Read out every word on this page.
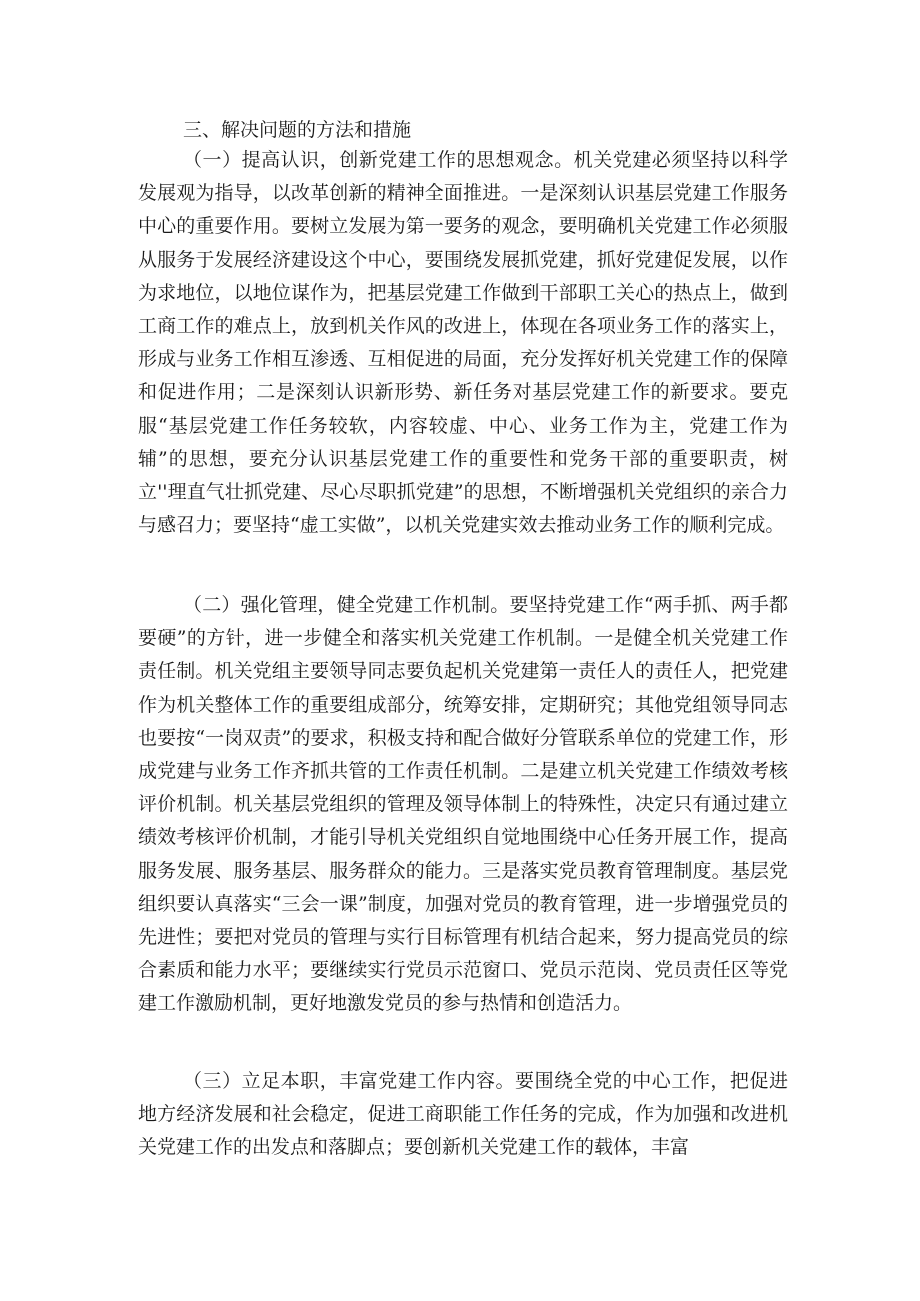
三、解决问题的方法和措施

（一）提高认识，创新党建工作的思想观念。机关党建必须坚持以科学发展观为指导，以改革创新的精神全面推进。一是深刻认识基层党建工作服务中心的重要作用。要树立发展为第一要务的观念，要明确机关党建工作必须服从服务于发展经济建设这个中心，要围绕发展抓党建，抓好党建促发展，以作为求地位，以地位谋作为，把基层党建工作做到干部职工关心的热点上，做到工商工作的难点上，放到机关作风的改进上，体现在各项业务工作的落实上，形成与业务工作相互渗透、互相促进的局面，充分发挥好机关党建工作的保障和促进作用；二是深刻认识新形势、新任务对基层党建工作的新要求。要克服“基层党建工作任务较软，内容较虚、中心、业务工作为主，党建工作为辅”的思想，要充分认识基层党建工作的重要性和党务干部的重要职责，树立''理直气壮抓党建、尽心尽职抓党建”的思想，不断增强机关党组织的亲合力与感召力；要坚持“虚工实做”，以机关党建实效去推动业务工作的顺利完成。

（二）强化管理，健全党建工作机制。要坚持党建工作“两手抓、两手都要硬”的方针，进一步健全和落实机关党建工作机制。一是健全机关党建工作责任制。机关党组主要领导同志要负起机关党建第一责任人的责任人，把党建作为机关整体工作的重要组成部分，统筹安排，定期研究；其他党组领导同志也要按“一岗双责”的要求，积极支持和配合做好分管联系单位的党建工作，形成党建与业务工作齐抓共管的工作责任机制。二是建立机关党建工作绩效考核评价机制。机关基层党组织的管理及领导体制上的特殊性，决定只有通过建立绩效考核评价机制，才能引导机关党组织自觉地围绕中心任务开展工作，提高服务发展、服务基层、服务群众的能力。三是落实党员教育管理制度。基层党组织要认真落实“三会一课”制度，加强对党员的教育管理，进一步增强党员的先进性；要把对党员的管理与实行目标管理有机结合起来，努力提高党员的综合素质和能力水平；要继续实行党员示范窗口、党员示范岗、党员责任区等党建工作激励机制，更好地激发党员的参与热情和创造活力。

（三）立足本职，丰富党建工作内容。要围绕全党的中心工作，把促进地方经济发展和社会稳定，促进工商职能工作任务的完成，作为加强和改进机关党建工作的出发点和落脚点；要创新机关党建工作的载体，丰富
